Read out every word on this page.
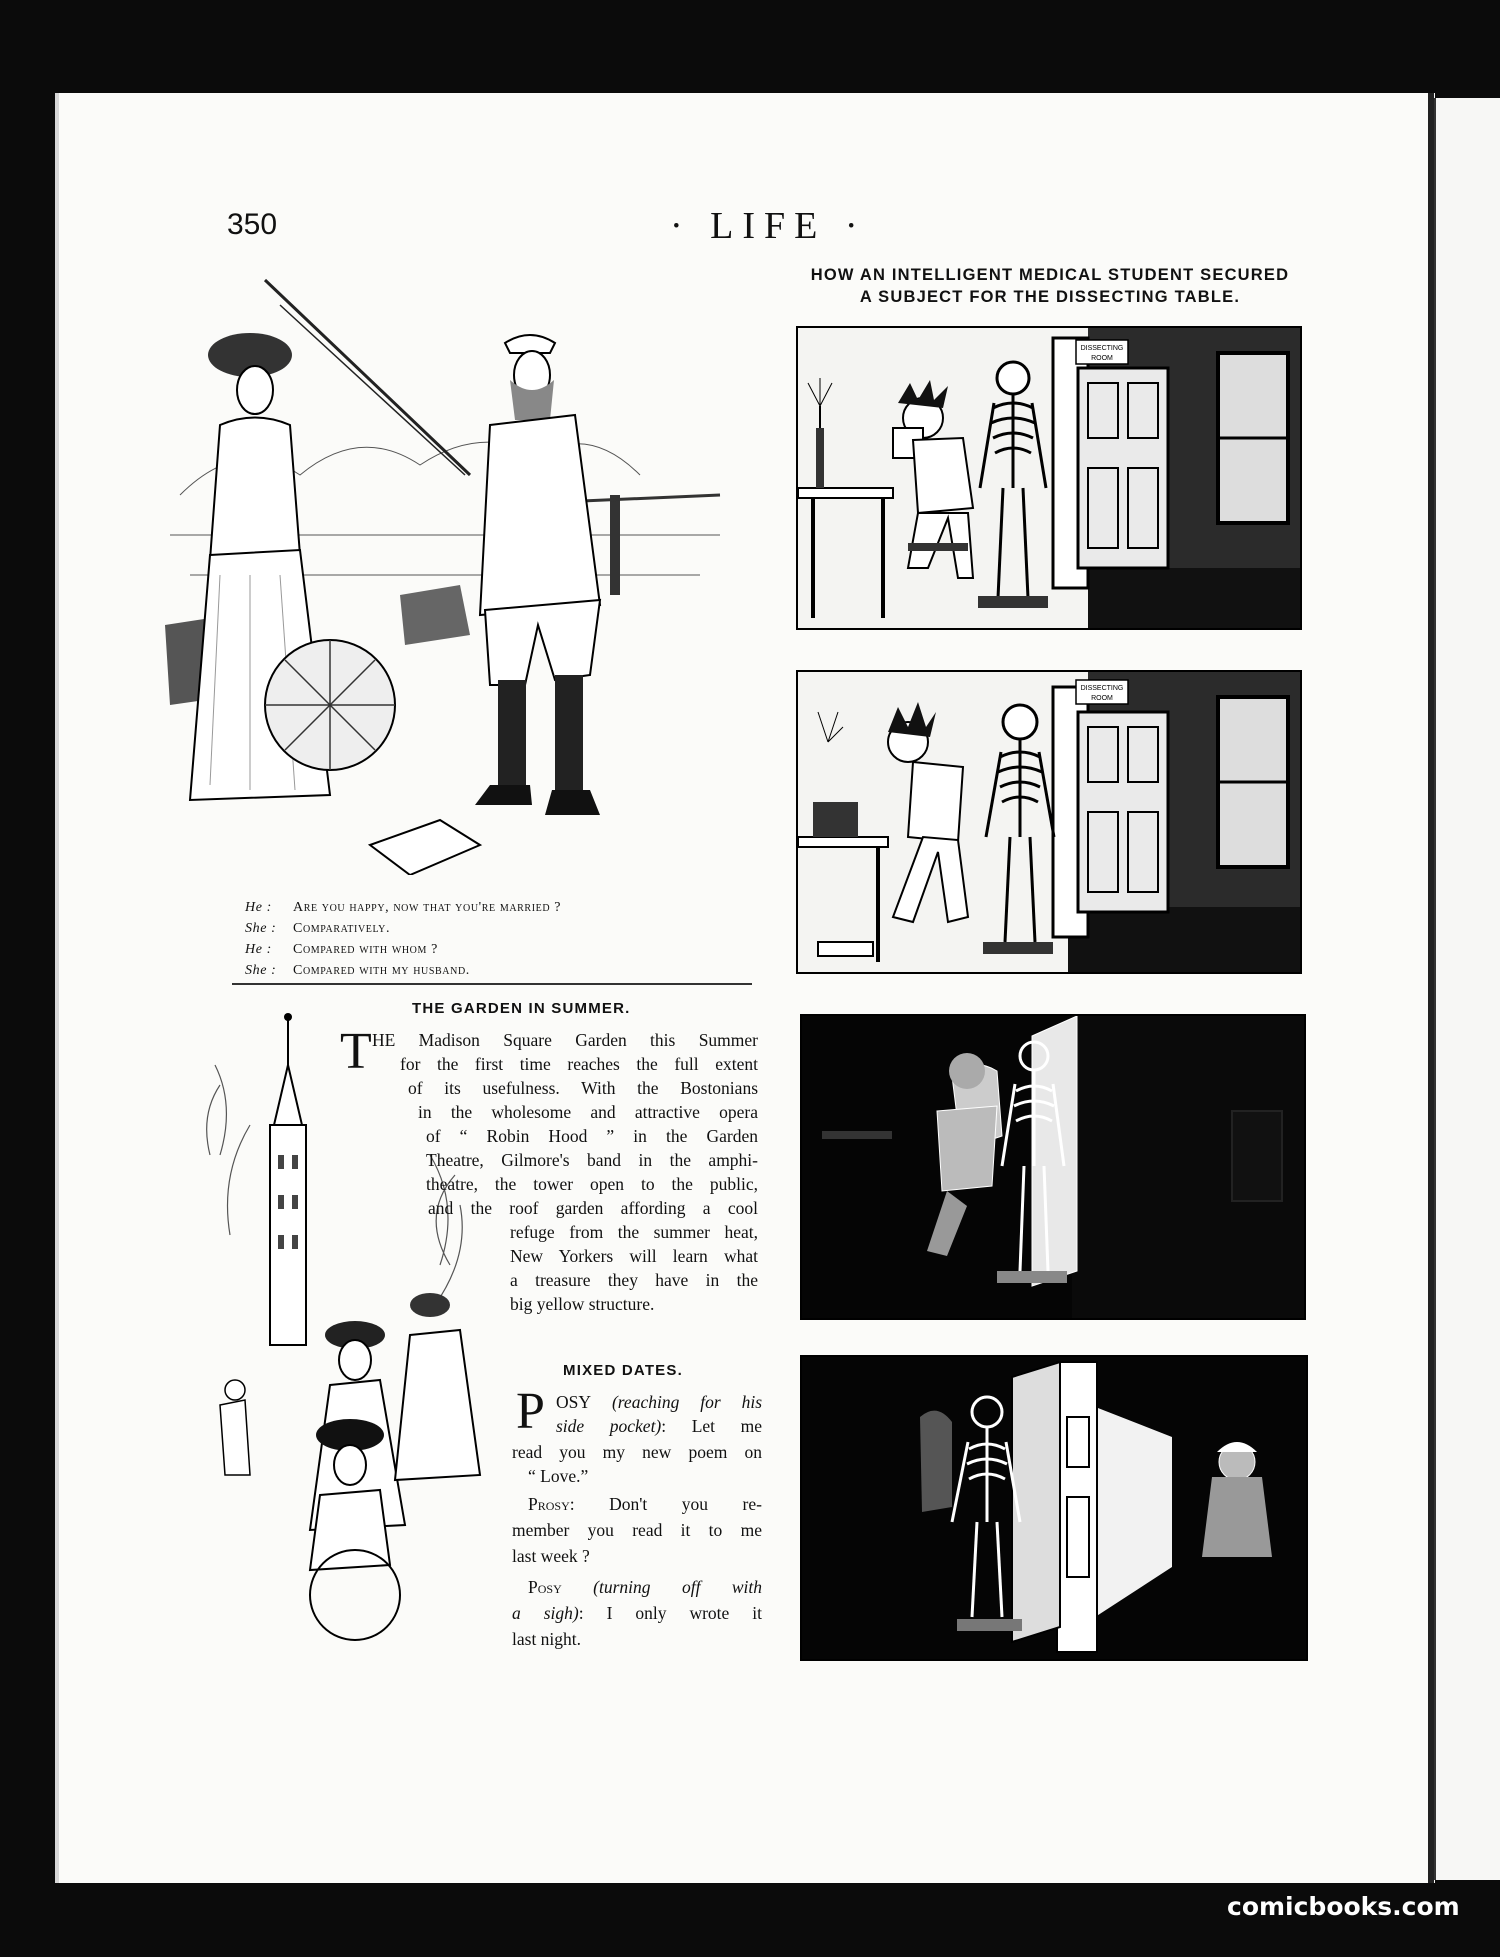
350	· LIFE ·
HOW AN INTELLIGENT MEDICAL STUDENT SECURED
A SUBJECT FOR THE DISSECTING TABLE.
DISSECTING
ROOM
DISSECTING
ROOM
He : Are you happy, now that you're married ?
She : Comparatively.
He : Compared with whom ?
She : Compared with my husband.
THE GARDEN IN SUMMER.
T HE Madison Square Garden this Summer
for the first time reaches the full extent
of its usefulness. With the Bostonians
in the wholesome and attractive opera
of “ Robin Hood ” in the Garden
Theatre, Gilmore's band in the amphi-
theatre, the tower open to the public,
and the roof garden affording a cool
refuge from the summer heat,
New Yorkers will learn what
a treasure they have in the
big yellow structure.
MIXED DATES.
P OSY (reaching for his
side pocket): Let me
read you my new poem on
“ Love.”
Prosy: Don't you re-
member you read it to me
last week ?
Posy (turning off with
a sigh): I only wrote it
last night.
comicbooks.com
